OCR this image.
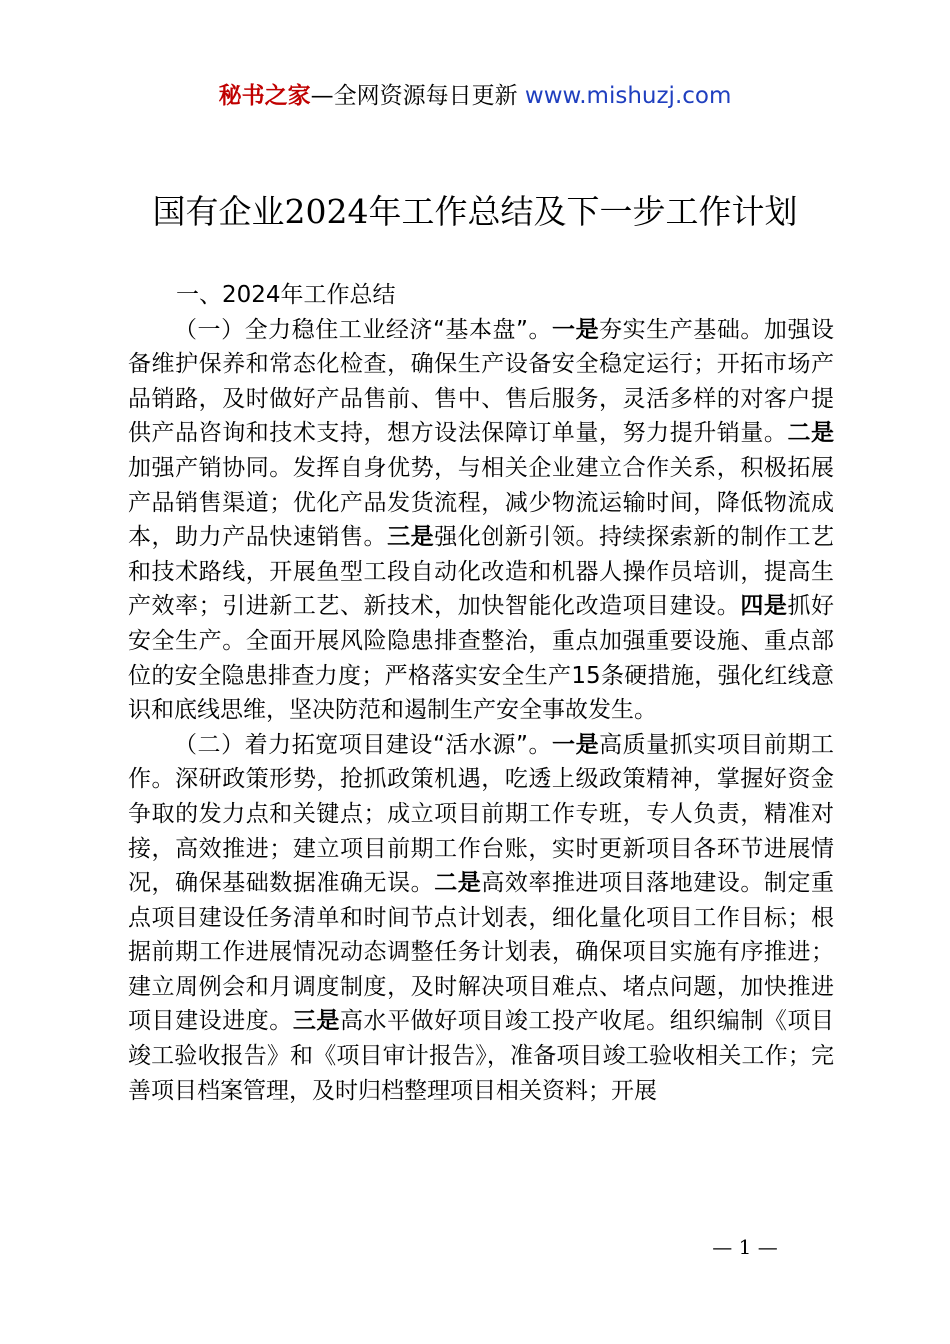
秘书之家—全网资源每日更新 www.mishuzj.com
国有企业2024年工作总结及下一步工作计划

一、2024年工作总结

（一）全力稳住工业经济“基本盘”。一是夯实生产基础。加强设备维护保养和常态化检查，确保生产设备安全稳定运行；开拓市场产品销路，及时做好产品售前、售中、售后服务，灵活多样的对客户提供产品咨询和技术支持，想方设法保障订单量，努力提升销量。二是加强产销协同。发挥自身优势，与相关企业建立合作关系，积极拓展产品销售渠道；优化产品发货流程，减少物流运输时间，降低物流成本，助力产品快速销售。三是强化创新引领。持续探索新的制作工艺和技术路线，开展鱼型工段自动化改造和机器人操作员培训，提高生产效率；引进新工艺、新技术，加快智能化改造项目建设。四是抓好安全生产。全面开展风险隐患排查整治，重点加强重要设施、重点部位的安全隐患排查力度；严格落实安全生产15条硬措施，强化红线意识和底线思维，坚决防范和遏制生产安全事故发生。

（二）着力拓宽项目建设“活水源”。一是高质量抓实项目前期工作。深研政策形势，抢抓政策机遇，吃透上级政策精神，掌握好资金争取的发力点和关键点；成立项目前期工作专班，专人负责，精准对接，高效推进；建立项目前期工作台账，实时更新项目各环节进展情况，确保基础数据准确无误。二是高效率推进项目落地建设。制定重点项目建设任务清单和时间节点计划表，细化量化项目工作目标；根据前期工作进展情况动态调整任务计划表，确保项目实施有序推进；建立周例会和月调度制度，及时解决项目难点、堵点问题，加快推进项目建设进度。三是高水平做好项目竣工投产收尾。组织编制《项目竣工验收报告》和《项目审计报告》，准备项目竣工验收相关工作；完善项目档案管理，及时归档整理项目相关资料；开展

— 1 —
